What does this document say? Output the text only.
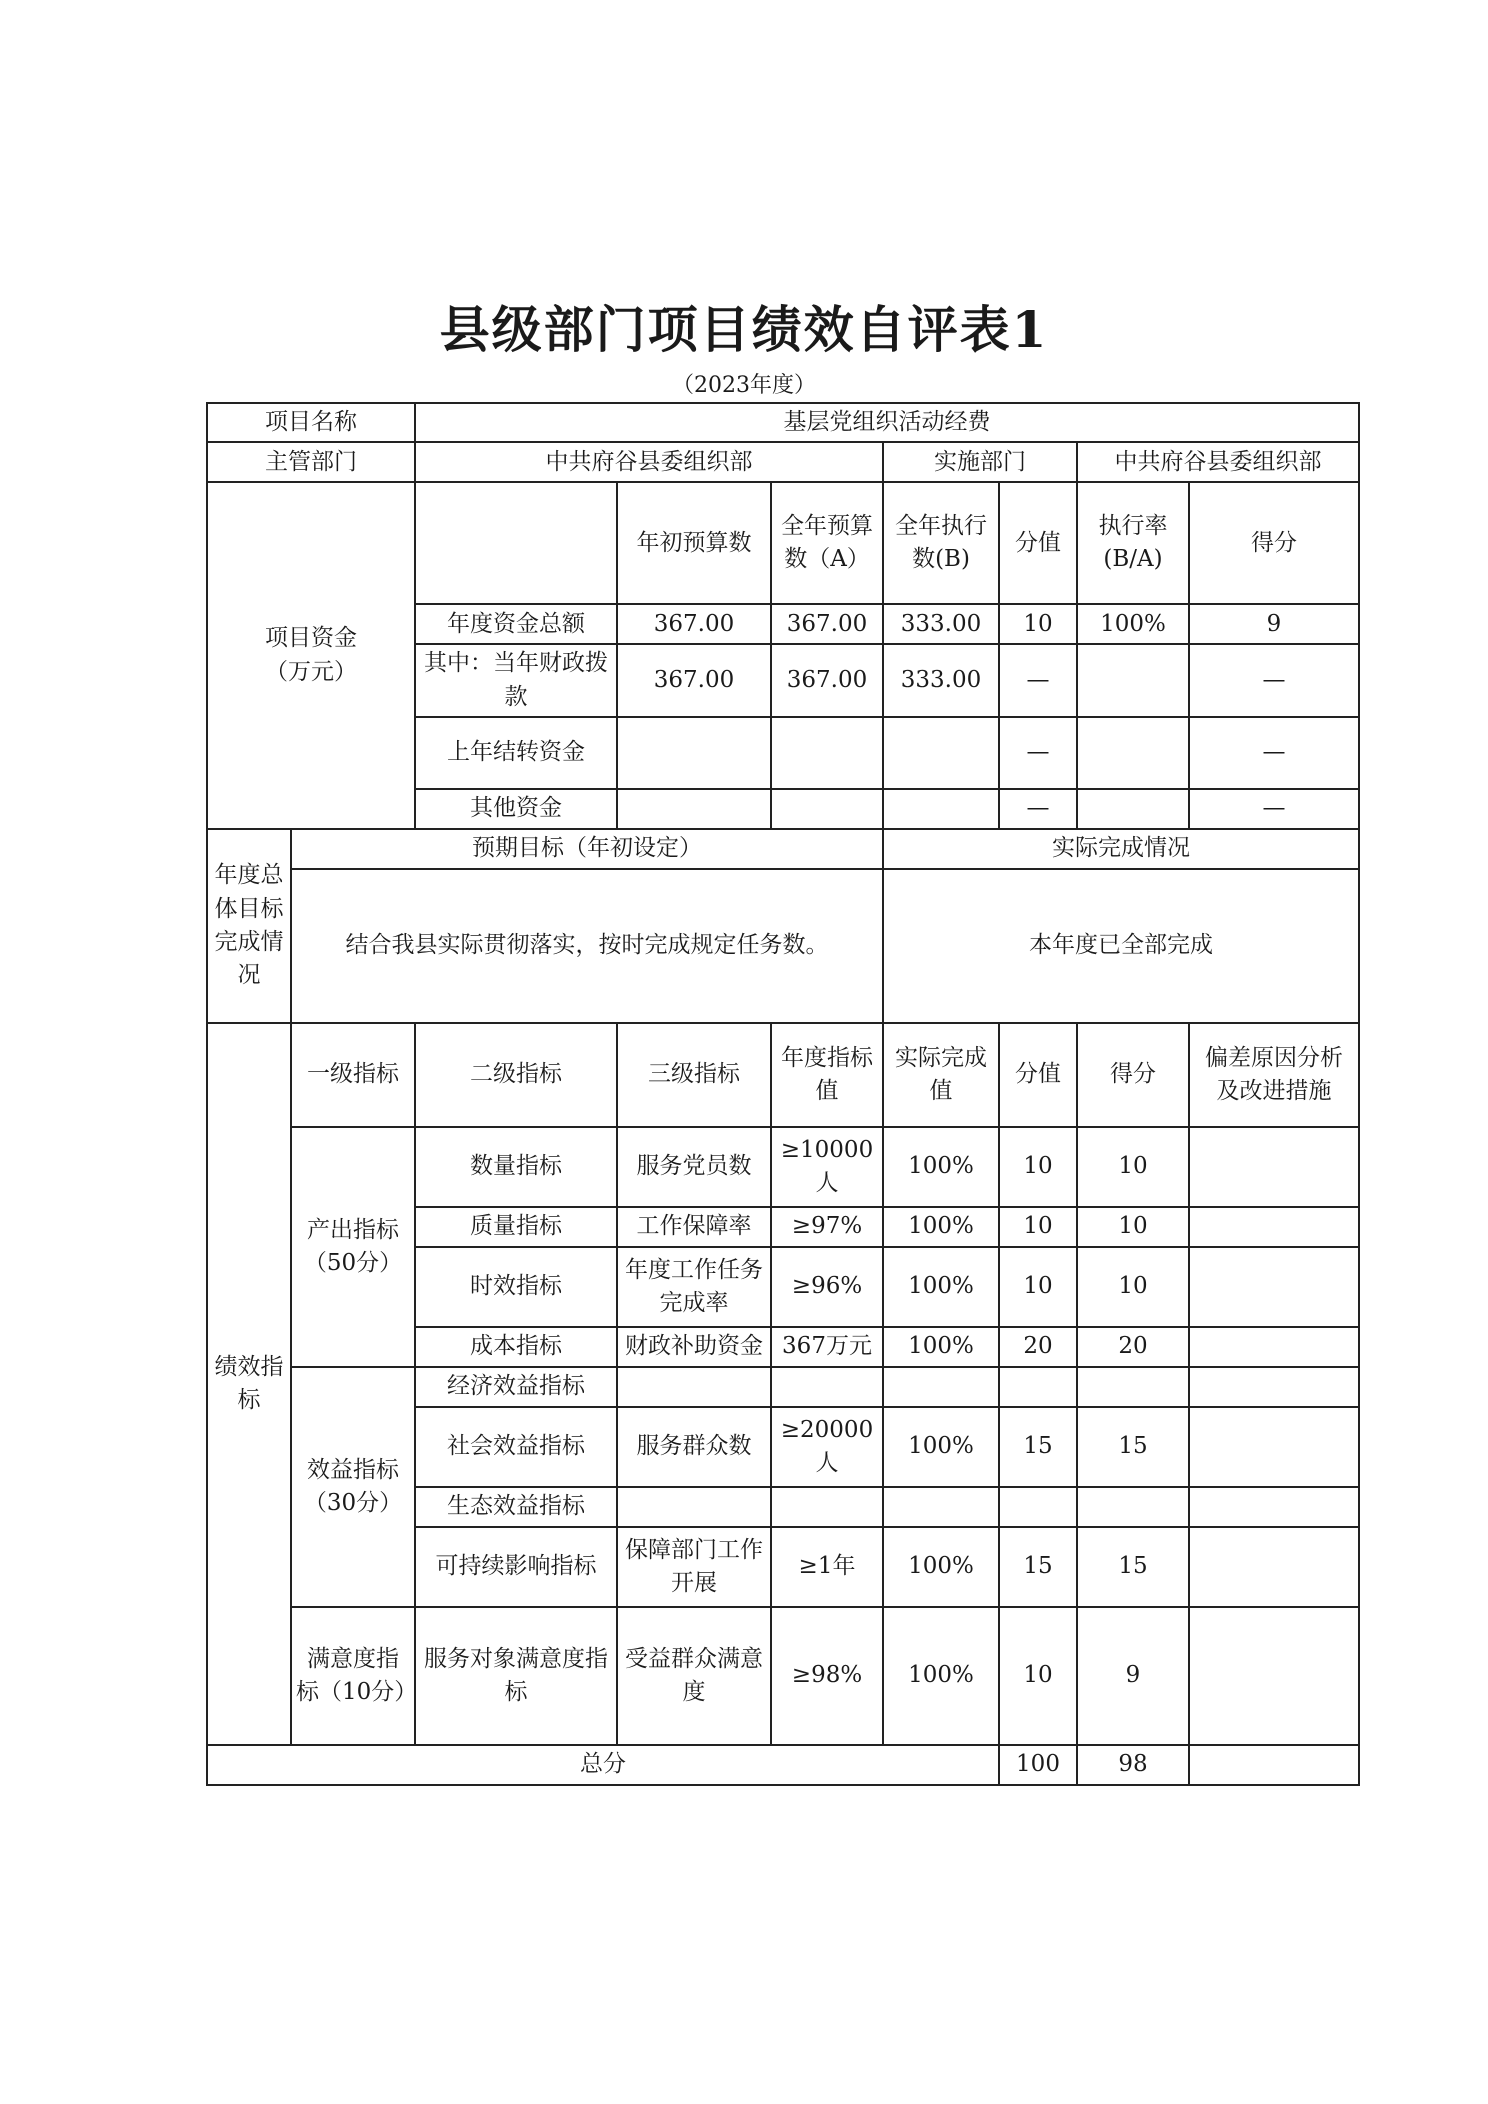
县级部门项目绩效自评表1
（2023年度）
项目名称		基层党组织活动经费						
主管部门		中共府谷县委组织部			实施部门		中共府谷县委组织部	
项目资金
（万元）			年初预算数	全年预算数（A）	全年执行数(B)	分值	执行率(B/A)	得分
		年度资金总额	367.00	367.00	333.00	10	100%	9
		其中：当年财政拨款	367.00	367.00	333.00	—		—
		上年结转资金				—		—
		其他资金				—		—
年度总体目标完成情况	预期目标（年初设定）				实际完成情况			
	结合我县实际贯彻落实，按时完成规定任务数。				本年度已全部完成			
绩效指标	一级指标	二级指标	三级指标	年度指标值	实际完成值	分值	得分	偏差原因分析及改进措施
	产出指标（50分）	数量指标	服务党员数	≥10000人	100%	10	10	
		质量指标	工作保障率	≥97%	100%	10	10	
		时效指标	年度工作任务完成率	≥96%	100%	10	10	
		成本指标	财政补助资金	367万元	100%	20	20	
	效益指标（30分）	经济效益指标						
		社会效益指标	服务群众数	≥20000人	100%	15	15	
		生态效益指标						
		可持续影响指标	保障部门工作开展	≥1年	100%	15	15	
	满意度指标（10分）	服务对象满意度指标	受益群众满意度	≥98%	100%	10	9	
总分						100	98	
